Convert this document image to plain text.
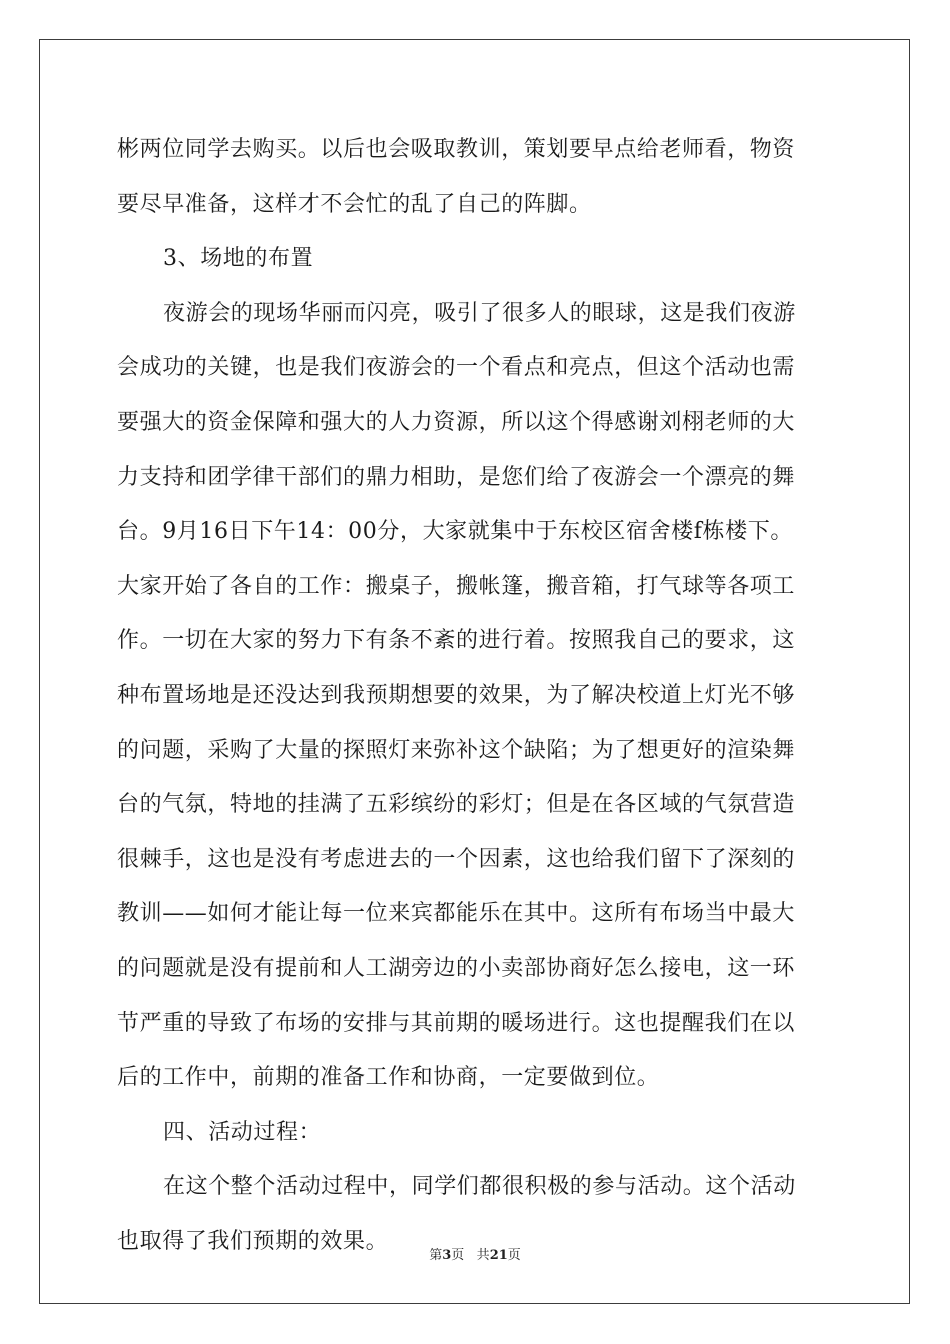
彬两位同学去购买。以后也会吸取教训，策划要早点给老师看，物资
要尽早准备，这样才不会忙的乱了自己的阵脚。
3、场地的布置
夜游会的现场华丽而闪亮，吸引了很多人的眼球，这是我们夜游
会成功的关键，也是我们夜游会的一个看点和亮点，但这个活动也需
要强大的资金保障和强大的人力资源，所以这个得感谢刘栩老师的大
力支持和团学律干部们的鼎力相助，是您们给了夜游会一个漂亮的舞
台。9月16日下午14：00分，大家就集中于东校区宿舍楼f栋楼下。
大家开始了各自的工作：搬桌子，搬帐篷，搬音箱，打气球等各项工
作。一切在大家的努力下有条不紊的进行着。按照我自己的要求，这
种布置场地是还没达到我预期想要的效果，为了解决校道上灯光不够
的问题，采购了大量的探照灯来弥补这个缺陷；为了想更好的渲染舞
台的气氛，特地的挂满了五彩缤纷的彩灯；但是在各区域的气氛营造
很棘手，这也是没有考虑进去的一个因素，这也给我们留下了深刻的
教训——如何才能让每一位来宾都能乐在其中。这所有布场当中最大
的问题就是没有提前和人工湖旁边的小卖部协商好怎么接电，这一环
节严重的导致了布场的安排与其前期的暖场进行。这也提醒我们在以
后的工作中，前期的准备工作和协商，一定要做到位。
四、活动过程：
在这个整个活动过程中，同学们都很积极的参与活动。这个活动
也取得了我们预期的效果。
第3页 共21页
